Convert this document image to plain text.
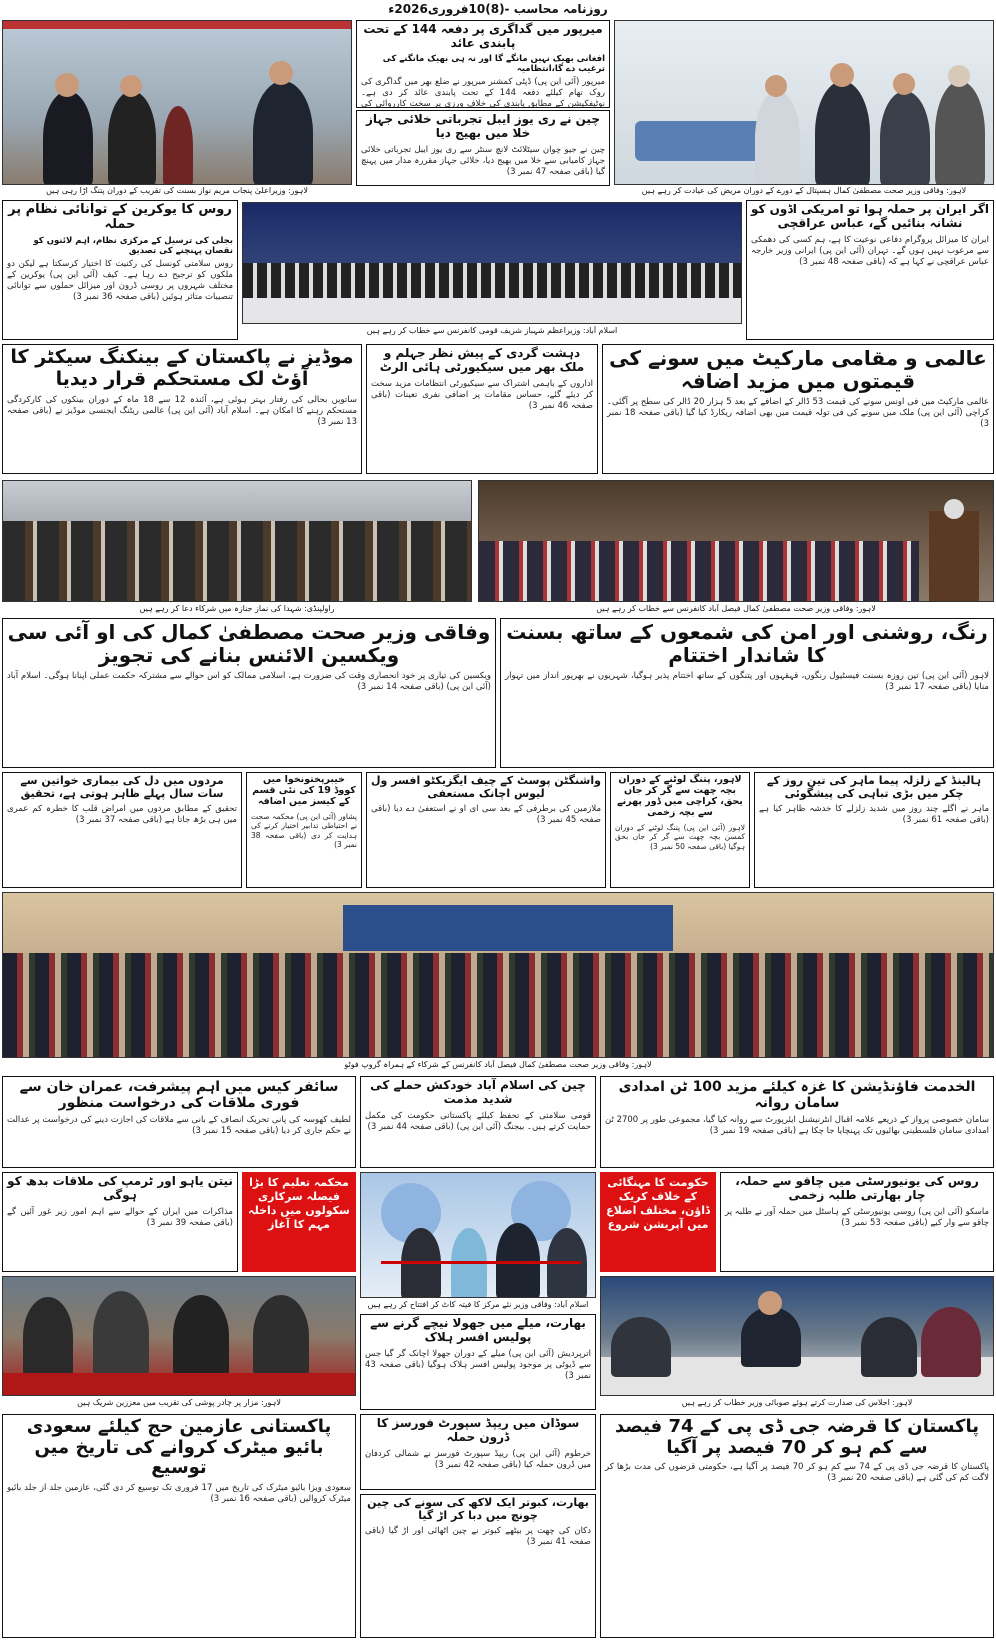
روزنامہ محاسب -(8)10فروری2026ء
لاہور: وزیراعلیٰ پنجاب مریم نواز بسنت کی تقریب کے دوران پتنگ اڑا رہی ہیں
میرپور میں گداگری پر دفعہ 144 کے تحت پابندی عائد
افغانی بھیک نہیں مانگے گا اور نہ ہی بھیک مانگنے کی ترغیب دے گا،انتظامیہ
میرپور (آئی این پی) ڈپٹی کمشنر میرپور نے ضلع بھر میں گداگری کی روک تھام کیلئے دفعہ 144 کے تحت پابندی عائد کر دی ہے۔ نوٹیفکیشن کے مطابق پابندی کی خلاف ورزی پر سخت کارروائی کی
چین نے ری یوز ایبل تجرباتی خلائی جہاز خلا میں بھیج دیا
چین نے جیو چوان سیٹلائٹ لانچ سنٹر سے ری یوز ایبل تجرباتی خلائی جہاز کامیابی سے خلا میں بھیج دیا، خلائی جہاز مقررہ مدار میں پہنچ گیا (باقی صفحہ 47 نمبر 3)
لاہور: وفاقی وزیر صحت مصطفیٰ کمال ہسپتال کے دورے کے دوران مریض کی عیادت کر رہے ہیں
روس کا یوکرین کے توانائی نظام پر حملہ
بجلی کی ترسیل کے مرکزی نظام، اہم لائنوں کو نقصان پہنچنے کی تصدیق
روس سلامتی کونسل کی رکنیت کا اختیار کرسکتا ہے لیکن دو ملکوں کو ترجیح دے رہا ہے۔ کیف (آئی این پی) یوکرین کے مختلف شہروں پر روسی ڈرون اور میزائل حملوں سے توانائی تنصیبات متاثر ہوئیں (باقی صفحہ 36 نمبر 3)
اسلام آباد: وزیراعظم شہباز شریف قومی کانفرنس سے خطاب کر رہے ہیں
اگر ایران پر حملہ ہوا تو امریکی اڈوں کو نشانہ بنائیں گے، عباس عراقچی
ایران کا میزائل پروگرام دفاعی نوعیت کا ہے، ہم کسی کی دھمکی سے مرعوب نہیں ہوں گے۔ تہران (آئی این پی) ایرانی وزیر خارجہ عباس عراقچی نے کہا ہے کہ (باقی صفحہ 48 نمبر 3)
موڈیز نے پاکستان کے بینکنگ سیکٹر کا آؤٹ لک مستحکم قرار دیدیا
ساتویں بحالی کی رفتار بہتر ہوئی ہے، آئندہ 12 سے 18 ماہ کے دوران بینکوں کی کارکردگی مستحکم رہنے کا امکان ہے۔ اسلام آباد (آئی این پی) عالمی ریٹنگ ایجنسی موڈیز نے (باقی صفحہ 13 نمبر 3)
دہشت گردی کے پیش نظر جہلم و ملک بھر میں سیکیورٹی ہائی الرٹ
اداروں کے باہمی اشتراک سے سیکیورٹی انتظامات مزید سخت کر دیئے گئے، حساس مقامات پر اضافی نفری تعینات (باقی صفحہ 46 نمبر 3)
عالمی و مقامی مارکیٹ میں سونے کی قیمتوں میں مزید اضافہ
عالمی مارکیٹ میں فی اونس سونے کی قیمت 53 ڈالر کے اضافے کے بعد 5 ہزار 20 ڈالر کی سطح پر آگئی۔ کراچی (آئی این پی) ملک میں سونے کی فی تولہ قیمت میں بھی اضافہ ریکارڈ کیا گیا (باقی صفحہ 18 نمبر 3)
راولپنڈی: شہدا کی نماز جنازہ میں شرکاء دعا کر رہے ہیں	لاہور: وفاقی وزیر صحت مصطفیٰ کمال فیصل آباد کانفرنس سے خطاب کر رہے ہیں
وفاقی وزیر صحت مصطفیٰ کمال کی او آئی سی ویکسین الائنس بنانے کی تجویز
ویکسین کی تیاری پر خود انحصاری وقت کی ضرورت ہے، اسلامی ممالک کو اس حوالے سے مشترکہ حکمت عملی اپنانا ہوگی۔ اسلام آباد (آئی این پی) (باقی صفحہ 14 نمبر 3)
رنگ، روشنی اور امن کی شمعوں کے ساتھ بسنت کا شاندار اختتام
لاہور (آئی این پی) تین روزہ بسنت فیسٹیول رنگوں، قہقہوں اور پتنگوں کے ساتھ اختتام پذیر ہوگیا، شہریوں نے بھرپور انداز میں تہوار منایا (باقی صفحہ 17 نمبر 3)
مردوں میں دل کی بیماری خواتین سے سات سال پہلے ظاہر ہوتی ہے، تحقیق
تحقیق کے مطابق مردوں میں امراض قلب کا خطرہ کم عمری میں ہی بڑھ جاتا ہے (باقی صفحہ 37 نمبر 3)
خیبرپختونخوا میں کووڈ 19 کی نئی قسم کے کیسز میں اضافہ
پشاور (آئی این پی) محکمہ صحت نے احتیاطی تدابیر اختیار کرنے کی ہدایت کر دی (باقی صفحہ 38 نمبر 3)
واشنگٹن پوسٹ کے چیف ایگزیکٹو افسر ول لیوس اچانک مستعفی
ملازمین کی برطرفی کے بعد سی ای او نے استعفیٰ دے دیا (باقی صفحہ 45 نمبر 3)
لاہور، پتنگ لوٹنے کے دوران بچہ چھت سے گر کر جاں بحق، کراچی میں ڈور پھرنے سے بچہ زخمی
لاہور (آئی این پی) پتنگ لوٹنے کے دوران کمسن بچہ چھت سے گر کر جاں بحق ہوگیا (باقی صفحہ 50 نمبر 3)
ہالینڈ کے زلزلہ پیما ماہر کی تین روز کے چکر میں بڑی تباہی کی پیشگوئی
ماہر نے اگلے چند روز میں شدید زلزلے کا خدشہ ظاہر کیا ہے (باقی صفحہ 61 نمبر 3)
لاہور: وفاقی وزیر صحت مصطفیٰ کمال فیصل آباد کانفرنس کے شرکاء کے ہمراہ گروپ فوٹو
سائفر کیس میں اہم پیشرفت، عمران خان سے فوری ملاقات کی درخواست منظور
لطیف کھوسہ کی پانی تحریک انصاف کے بانی سے ملاقات کی اجازت دینے کی درخواست پر عدالت نے حکم جاری کر دیا (باقی صفحہ 15 نمبر 3)
چین کی اسلام آباد خودکش حملے کی شدید مذمت
قومی سلامتی کے تحفظ کیلئے پاکستانی حکومت کی مکمل حمایت کرتے ہیں۔ بیجنگ (آئی این پی) (باقی صفحہ 44 نمبر 3)
الخدمت فاؤنڈیشن کا غزہ کیلئے مزید 100 ٹن امدادی سامان روانہ
سامان خصوصی پرواز کے ذریعے علامہ اقبال انٹرنیشنل ایئرپورٹ سے روانہ کیا گیا، مجموعی طور پر 2700 ٹن امدادی سامان فلسطینی بھائیوں تک پہنچایا جا چکا ہے (باقی صفحہ 19 نمبر 3)
نیتن یاہو اور ٹرمپ کی ملاقات بدھ کو ہوگی
مذاکرات میں ایران کے حوالے سے اہم امور زیر غور آئیں گے (باقی صفحہ 39 نمبر 3)
محکمہ تعلیم کا بڑا فیصلہ سرکاری سکولوں میں داخلہ مہم کا آغاز
اسلام آباد: وفاقی وزیر نئے مرکز کا فیتہ کاٹ کر افتتاح کر رہے ہیں
روس کی یونیورسٹی میں چاقو سے حملہ، چار بھارتی طلبہ زخمی
ماسکو (آئی این پی) روسی یونیورسٹی کے ہاسٹل میں حملہ آور نے طلبہ پر چاقو سے وار کیے (باقی صفحہ 53 نمبر 3)
حکومت کا مہنگائی کے خلاف کریک ڈاؤن، مختلف اضلاع میں آپریشن شروع
لاہور: مزار پر چادر پوشی کی تقریب میں معززین شریک ہیں	لاہور: اجلاس کی صدارت کرتے ہوئے صوبائی وزیر خطاب کر رہے ہیں
بھارت، میلے میں جھولا نیچے گرنے سے پولیس افسر ہلاک
اترپردیش (آئی این پی) میلے کے دوران جھولا اچانک گر گیا جس سے ڈیوٹی پر موجود پولیس افسر ہلاک ہوگیا (باقی صفحہ 43 نمبر 3)
سوڈان میں ریپڈ سپورٹ فورسز کا ڈرون حملہ
خرطوم (آئی این پی) ریپڈ سپورٹ فورسز نے شمالی کردفان میں ڈرون حملہ کیا (باقی صفحہ 42 نمبر 3)
بھارت، کبوتر ایک لاکھ کی سونے کی چین چونچ میں دبا کر اڑ گیا
دکان کی چھت پر بیٹھے کبوتر نے چین اٹھائی اور اڑ گیا (باقی صفحہ 41 نمبر 3)
پاکستانی عازمین حج کیلئے سعودی بائیو میٹرک کروانے کی تاریخ میں توسیع
سعودی ویزا بائیو میٹرک کی تاریخ میں 17 فروری تک توسیع کر دی گئی، عازمین جلد از جلد بائیو میٹرک کروالیں (باقی صفحہ 16 نمبر 3)
پاکستان کا قرضہ جی ڈی پی کے 74 فیصد سے کم ہو کر 70 فیصد پر آگیا
پاکستان کا قرضہ جی ڈی پی کے 74 سے کم ہو کر 70 فیصد پر آگیا ہے، حکومتی قرضوں کی مدت بڑھا کر لاگت کم کی گئی ہے (باقی صفحہ 20 نمبر 3)
